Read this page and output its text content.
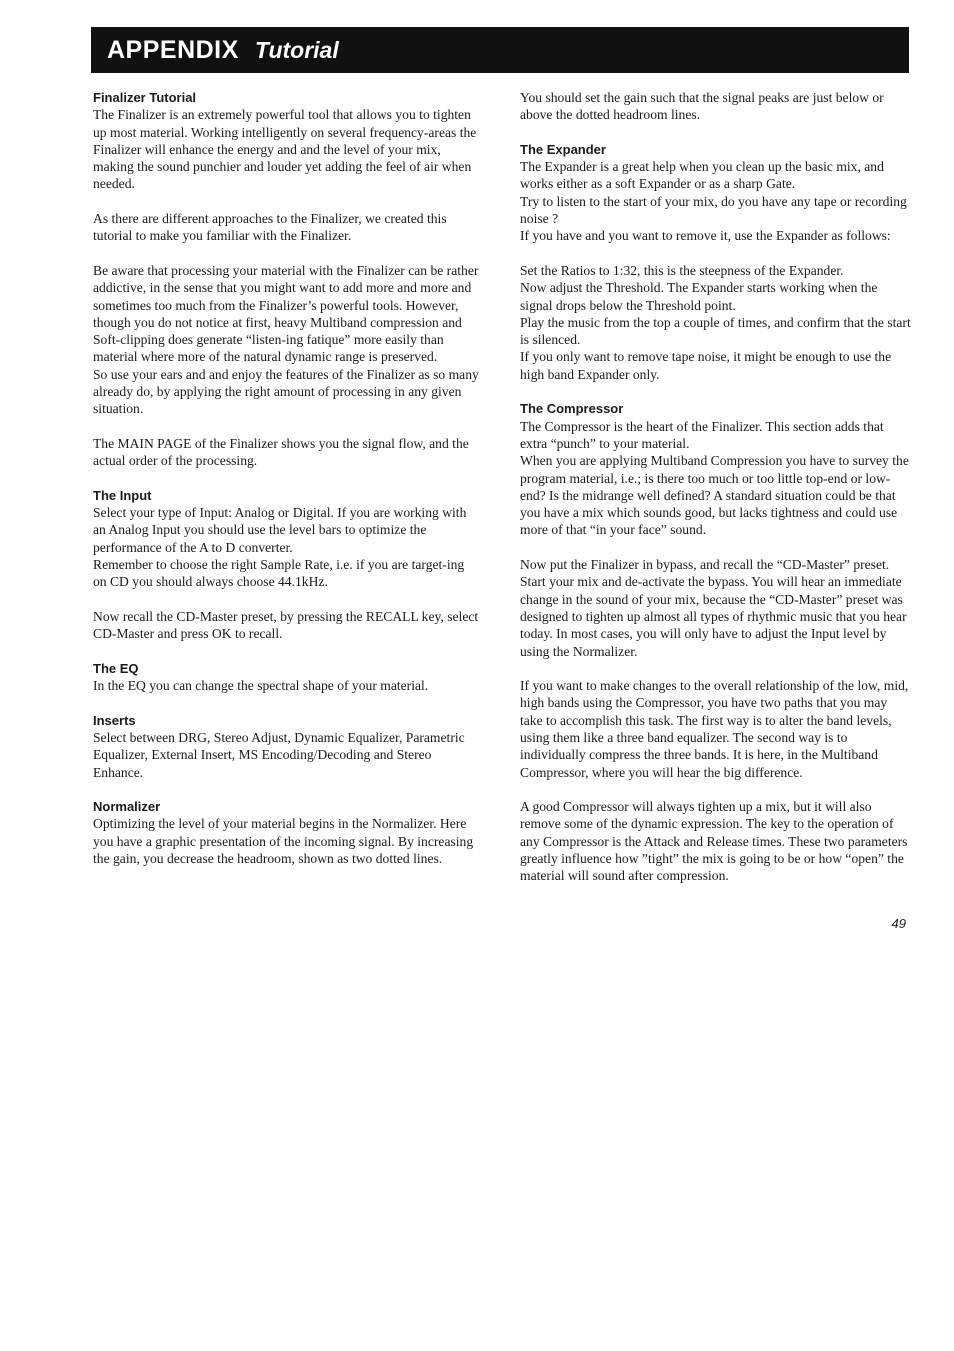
APPENDIX Tutorial
Finalizer Tutorial

The Finalizer is an extremely powerful tool that allows you to tighten up most material. Working intelligently on several frequency-areas the Finalizer will enhance the energy and and the level of your mix, making the sound punchier and louder yet adding the feel of air when needed.

As there are different approaches to the Finalizer, we created this tutorial to make you familiar with the Finalizer.

Be aware that processing your material with the Finalizer can be rather addictive, in the sense that you might want to add more and more and sometimes too much from the Finalizer’s powerful tools. However, though you do not notice at first, heavy Multiband compression and Soft-clipping does generate “listen-ing fatique” more easily than material where more of the natural dynamic range is preserved.

So use your ears and and enjoy the features of the Finalizer as so many already do, by applying the right amount of processing in any given situation.

The MAIN PAGE of the Finalizer shows you the signal flow, and the actual order of the processing.

The Input

Select your type of Input: Analog or Digital. If you are working with an Analog Input you should use the level bars to optimize the performance of the A to D converter.

Remember to choose the right Sample Rate, i.e. if you are target-ing on CD you should always choose 44.1kHz.

Now recall the CD-Master preset, by pressing the RECALL key, select CD-Master and press OK to recall.

The EQ

In the EQ you can change the spectral shape of your material.

Inserts

Select between DRG, Stereo Adjust, Dynamic Equalizer, Parametric Equalizer, External Insert, MS Encoding/Decoding and Stereo Enhance.

Normalizer

Optimizing the level of your material begins in the Normalizer. Here you have a graphic presentation of the incoming signal. By increasing the gain, you decrease the headroom, shown as two dotted lines.

You should set the gain such that the signal peaks are just below or above the dotted headroom lines.

The Expander

The Expander is a great help when you clean up the basic mix, and works either as a soft Expander or as a sharp Gate.

Try to listen to the start of your mix, do you have any tape or recording noise ?

If you have and you want to remove it, use the Expander as follows:

Set the Ratios to 1:32, this is the steepness of the Expander.

Now adjust the Threshold. The Expander starts working when the signal drops below the Threshold point.

Play the music from the top a couple of times, and confirm that the start is silenced.

If you only want to remove tape noise, it might be enough to use the high band Expander only.

The Compressor

The Compressor is the heart of the Finalizer. This section adds that extra “punch” to your material.

When you are applying Multiband Compression you have to survey the program material, i.e.; is there too much or too little top-end or low-end? Is the midrange well defined? A standard situation could be that you have a mix which sounds good, but lacks tightness and could use more of that “in your face” sound.

Now put the Finalizer in bypass, and recall the “CD-Master” preset. Start your mix and de-activate the bypass. You will hear an immediate change in the sound of your mix, because the “CD-Master” preset was designed to tighten up almost all types of rhythmic music that you hear today. In most cases, you will only have to adjust the Input level by using the Normalizer.

If you want to make changes to the overall relationship of the low, mid, high bands using the Compressor, you have two paths that you may take to accomplish this task. The first way is to alter the band levels, using them like a three band equalizer. The second way is to individually compress the three bands. It is here, in the Multiband Compressor, where you will hear the big difference.

A good Compressor will always tighten up a mix, but it will also remove some of the dynamic expression. The key to the operation of any Compressor is the Attack and Release times. These two parameters greatly influence how ”tight” the mix is going to be or how “open” the material will sound after compression.

49
